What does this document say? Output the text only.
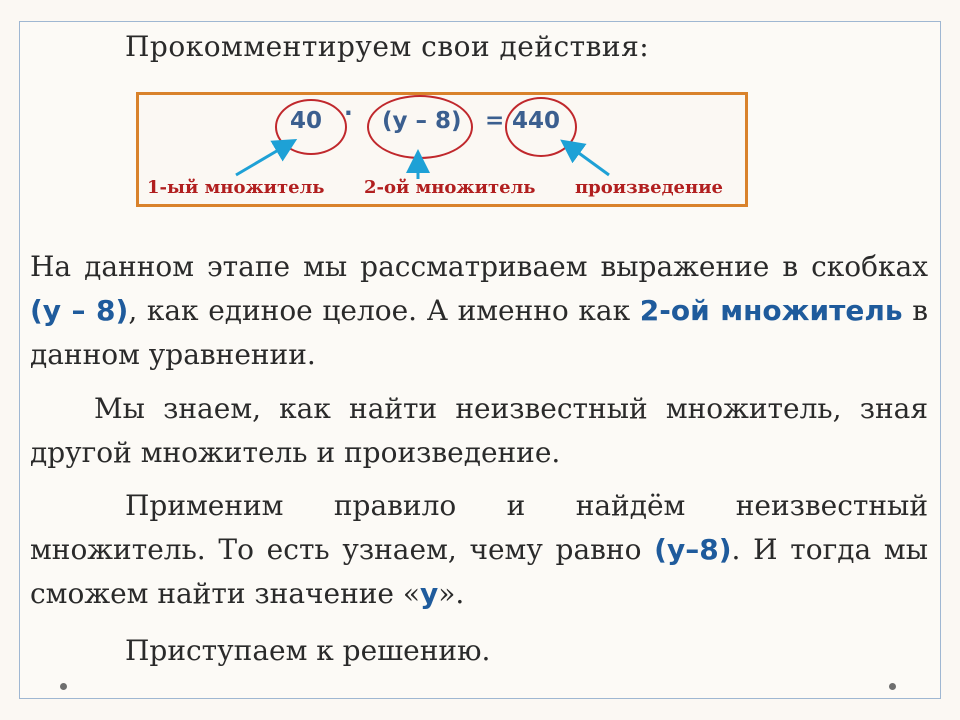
Прокомментируем свои действия:
40 · (у – 8) = 440
1-ый множитель 2-ой множитель произведение
На данном этапе мы рассматриваем выражение в скобках (у – 8), как единое целое. А именно как 2-ой множитель в данном уравнении.
Мы знаем, как найти неизвестный множитель, зная другой множитель и произведение.
Применим правило и найдём неизвестный множитель. То есть узнаем, чему равно (у–8). И тогда мы сможем найти значение «у».
Приступаем к решению.
